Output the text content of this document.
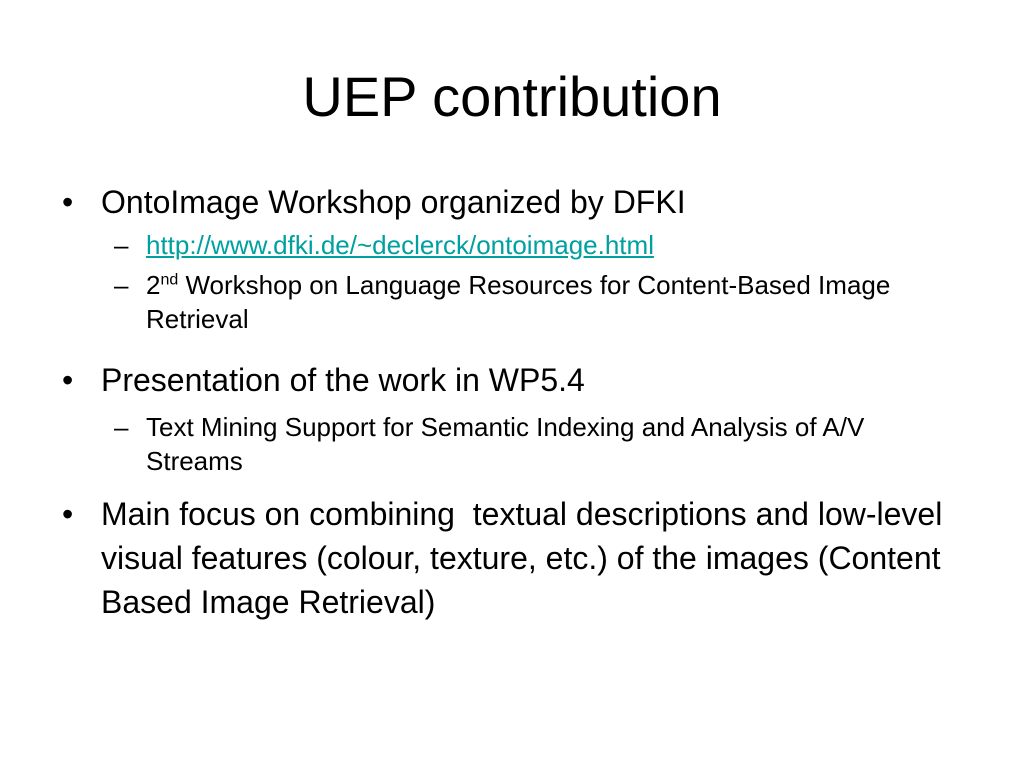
UEP contribution
• OntoImage Workshop organized by DFKI
– http://www.dfki.de/~declerck/ontoimage.html
– 2nd Workshop on Language Resources for Content-Based Image Retrieval
• Presentation of the work in WP5.4
– Text Mining Support for Semantic Indexing and Analysis of A/V Streams
• Main focus on combining  textual descriptions and low-level visual features (colour, texture, etc.) of the images (Content Based Image Retrieval)
